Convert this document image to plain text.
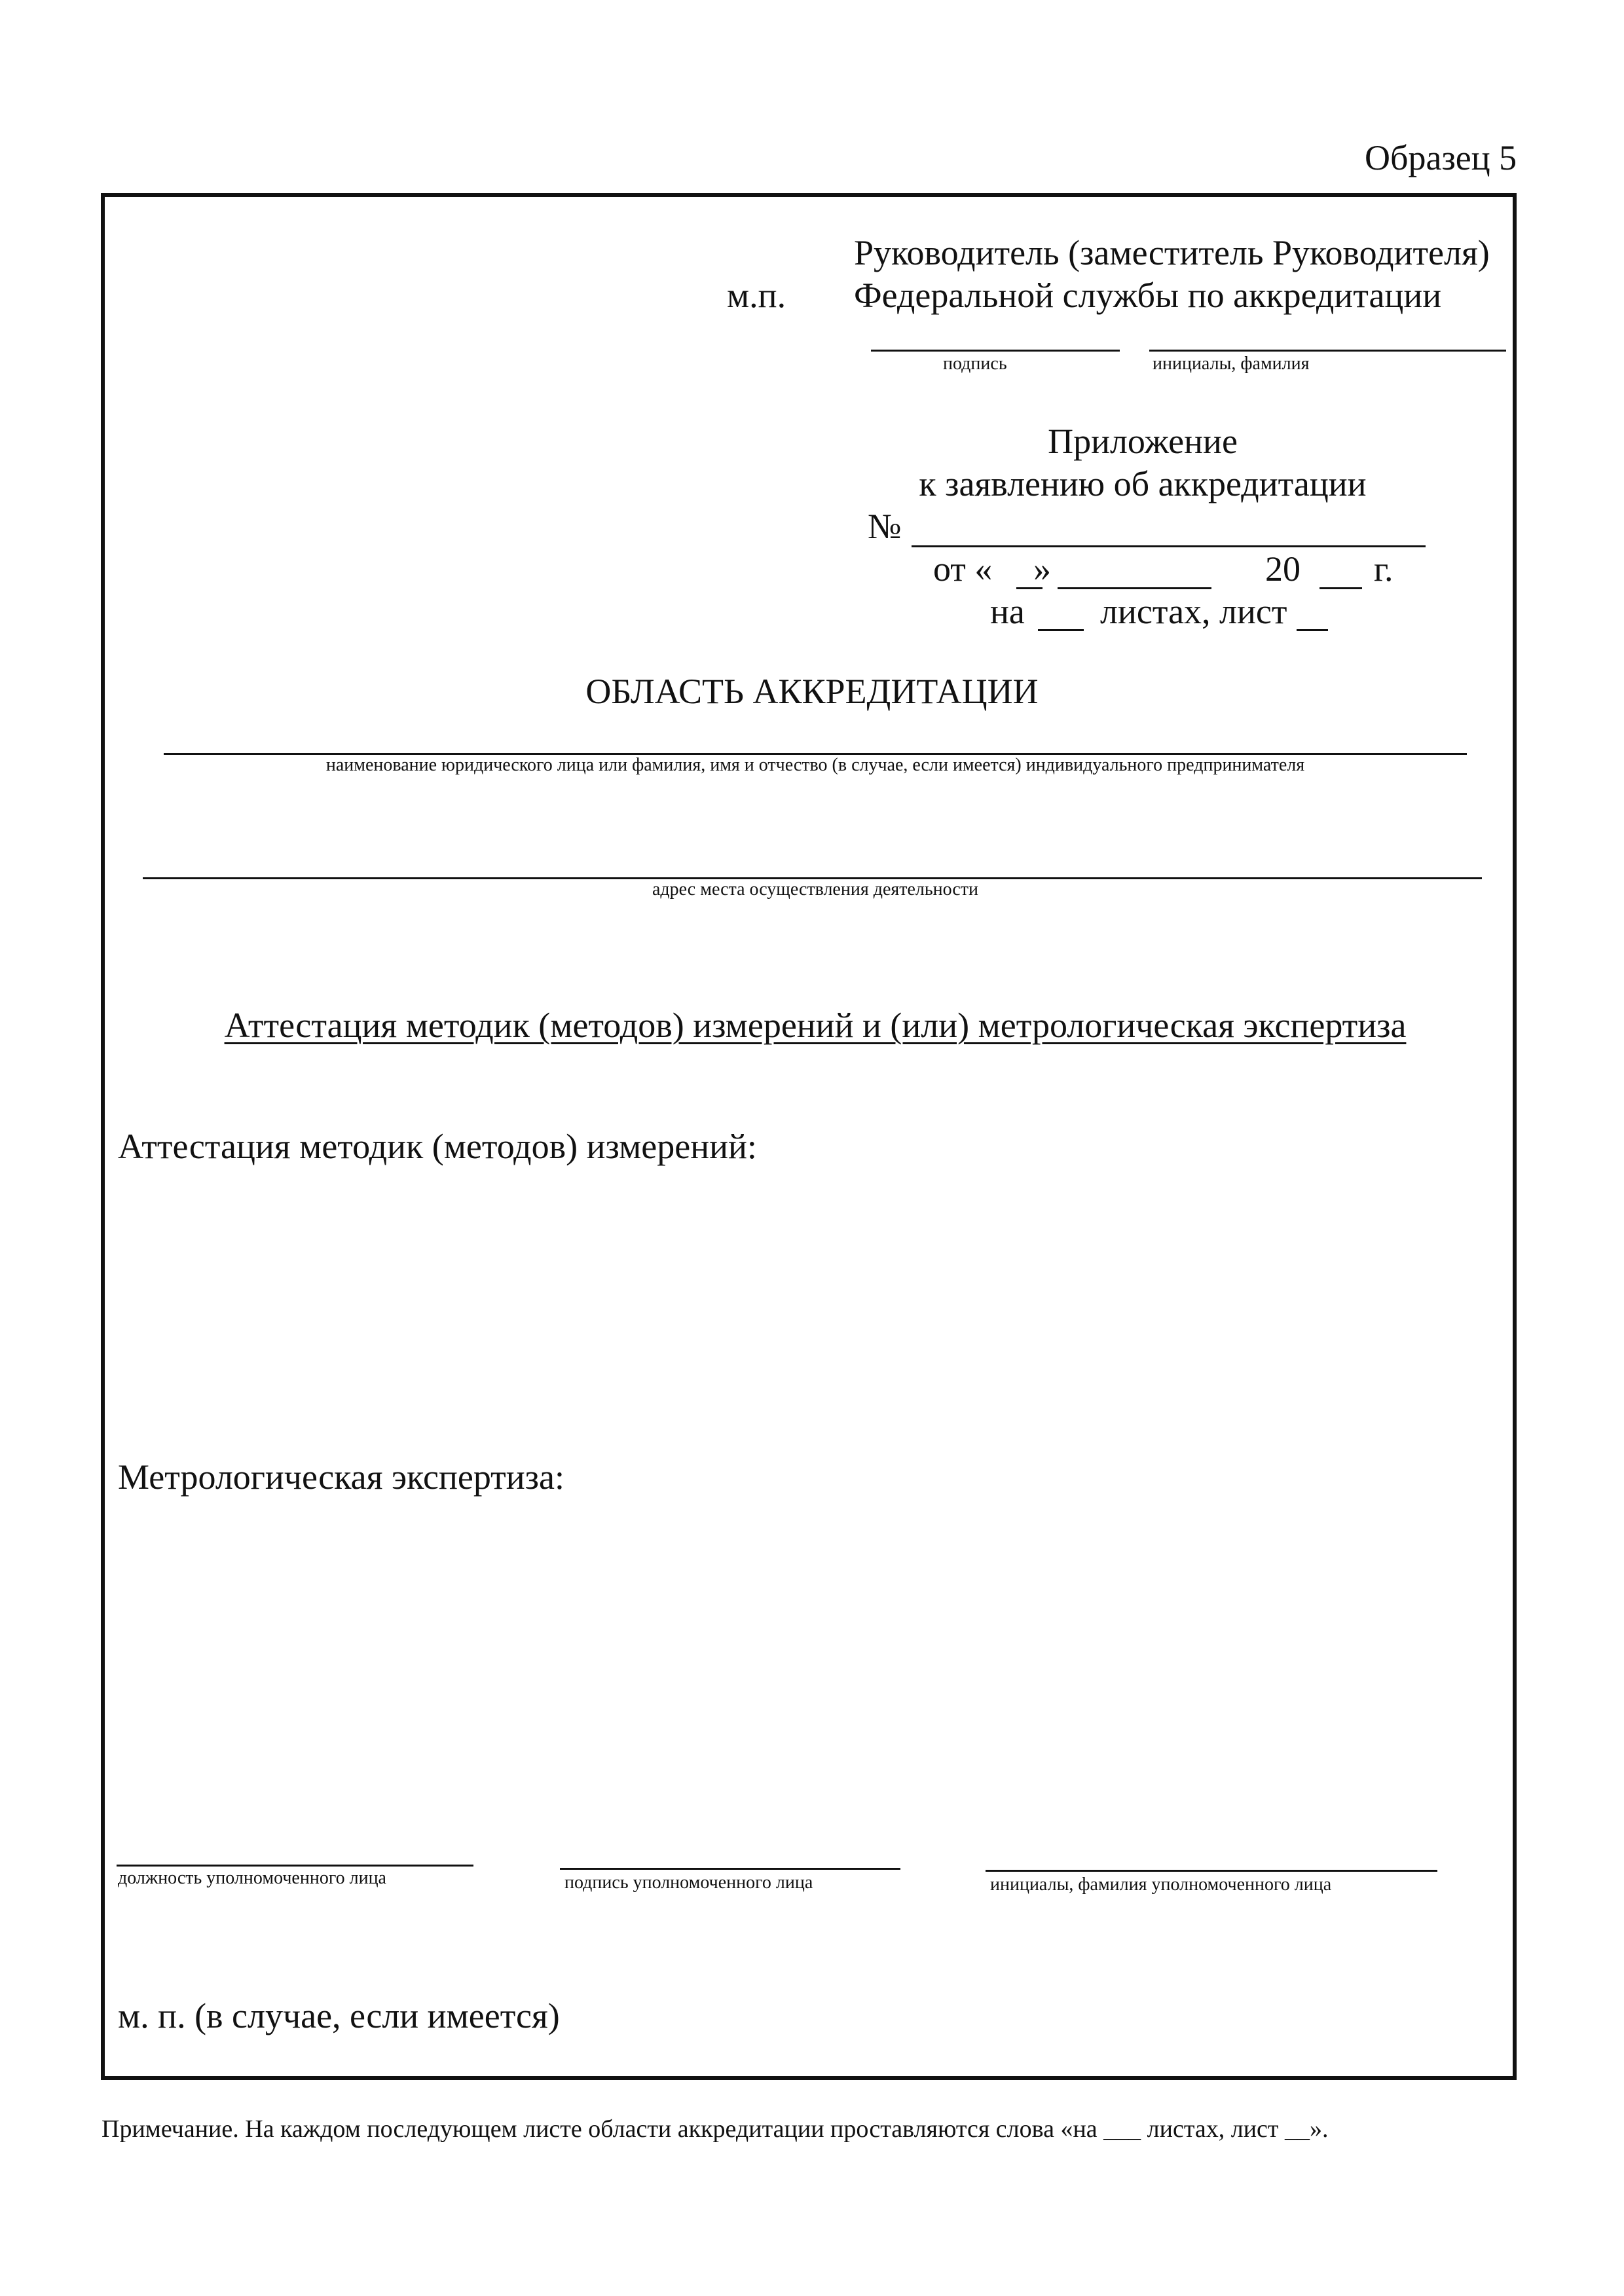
Образец 5
Руководитель (заместитель Руководителя)
м.п. Федеральной службы по аккредитации
подпись	инициалы, фамилия
Приложение
к заявлению об аккредитации
№
от « »	20 г.
на листах, лист
ОБЛАСТЬ АККРЕДИТАЦИИ
наименование юридического лица или фамилия, имя и отчество (в случае, если имеется) индивидуального предпринимателя
адрес места осуществления деятельности
Аттестация методик (методов) измерений и (или) метрологическая экспертиза
Аттестация методик (методов) измерений:
Метрологическая экспертиза:
должность уполномоченного лица	подпись уполномоченного лица	инициалы, фамилия уполномоченного лица
м. п. (в случае, если имеется)
Примечание. На каждом последующем листе области аккредитации проставляются слова «на ___ листах, лист __».
